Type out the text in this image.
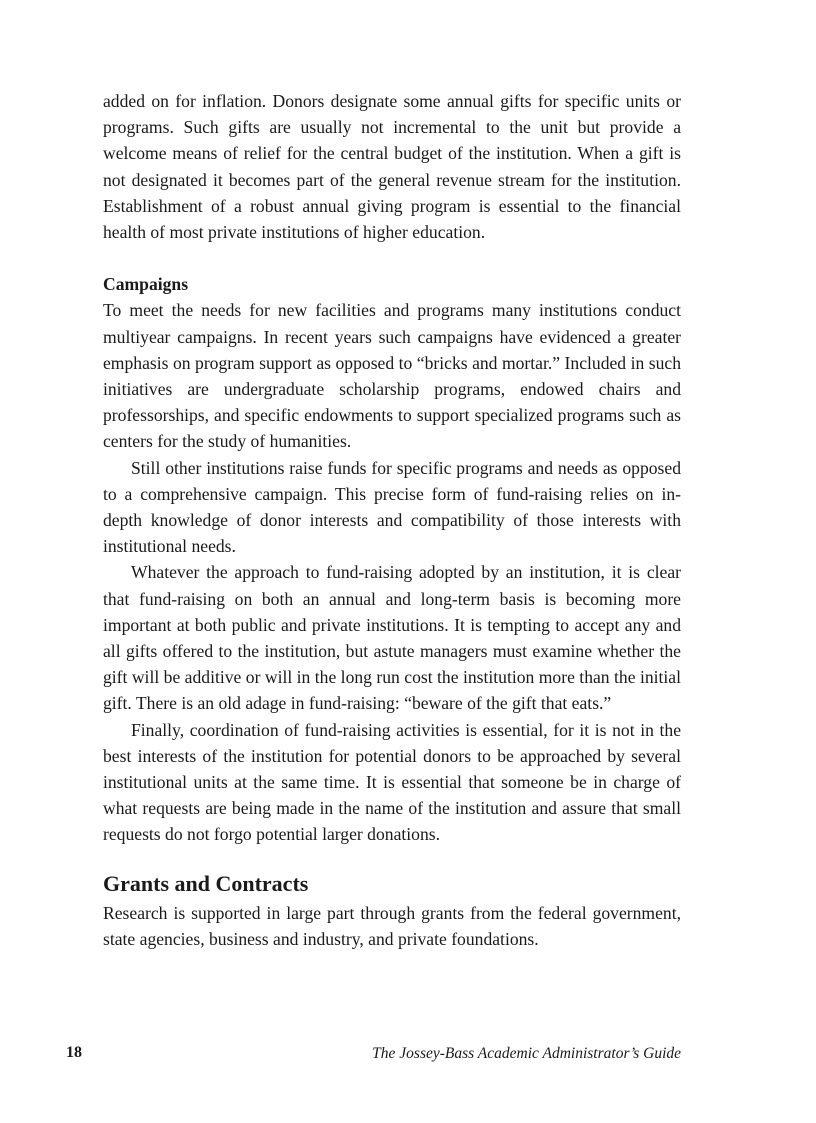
added on for inflation. Donors designate some annual gifts for specific units or programs. Such gifts are usually not incremental to the unit but provide a welcome means of relief for the central budget of the institution. When a gift is not designated it becomes part of the general revenue stream for the institution. Establishment of a robust annual giving program is essential to the financial health of most private institutions of higher education.

Campaigns

To meet the needs for new facilities and programs many institutions conduct multiyear campaigns. In recent years such campaigns have evidenced a greater emphasis on program support as opposed to “bricks and mortar.” Included in such initiatives are undergraduate scholarship programs, endowed chairs and professorships, and specific endowments to support specialized programs such as centers for the study of humanities.

Still other institutions raise funds for specific programs and needs as opposed to a comprehensive campaign. This precise form of fund-raising relies on in-depth knowledge of donor interests and compatibility of those interests with institutional needs.

Whatever the approach to fund-raising adopted by an institution, it is clear that fund-raising on both an annual and long-term basis is becoming more important at both public and private institutions. It is tempting to accept any and all gifts offered to the institution, but astute managers must examine whether the gift will be additive or will in the long run cost the institution more than the initial gift. There is an old adage in fund-raising: “beware of the gift that eats.”

Finally, coordination of fund-raising activities is essential, for it is not in the best interests of the institution for potential donors to be approached by several institutional units at the same time. It is essential that someone be in charge of what requests are being made in the name of the institution and assure that small requests do not forgo potential larger donations.

Grants and Contracts

Research is supported in large part through grants from the federal government, state agencies, business and industry, and private foundations.

18	The Jossey-Bass Academic Administrator’s Guide
